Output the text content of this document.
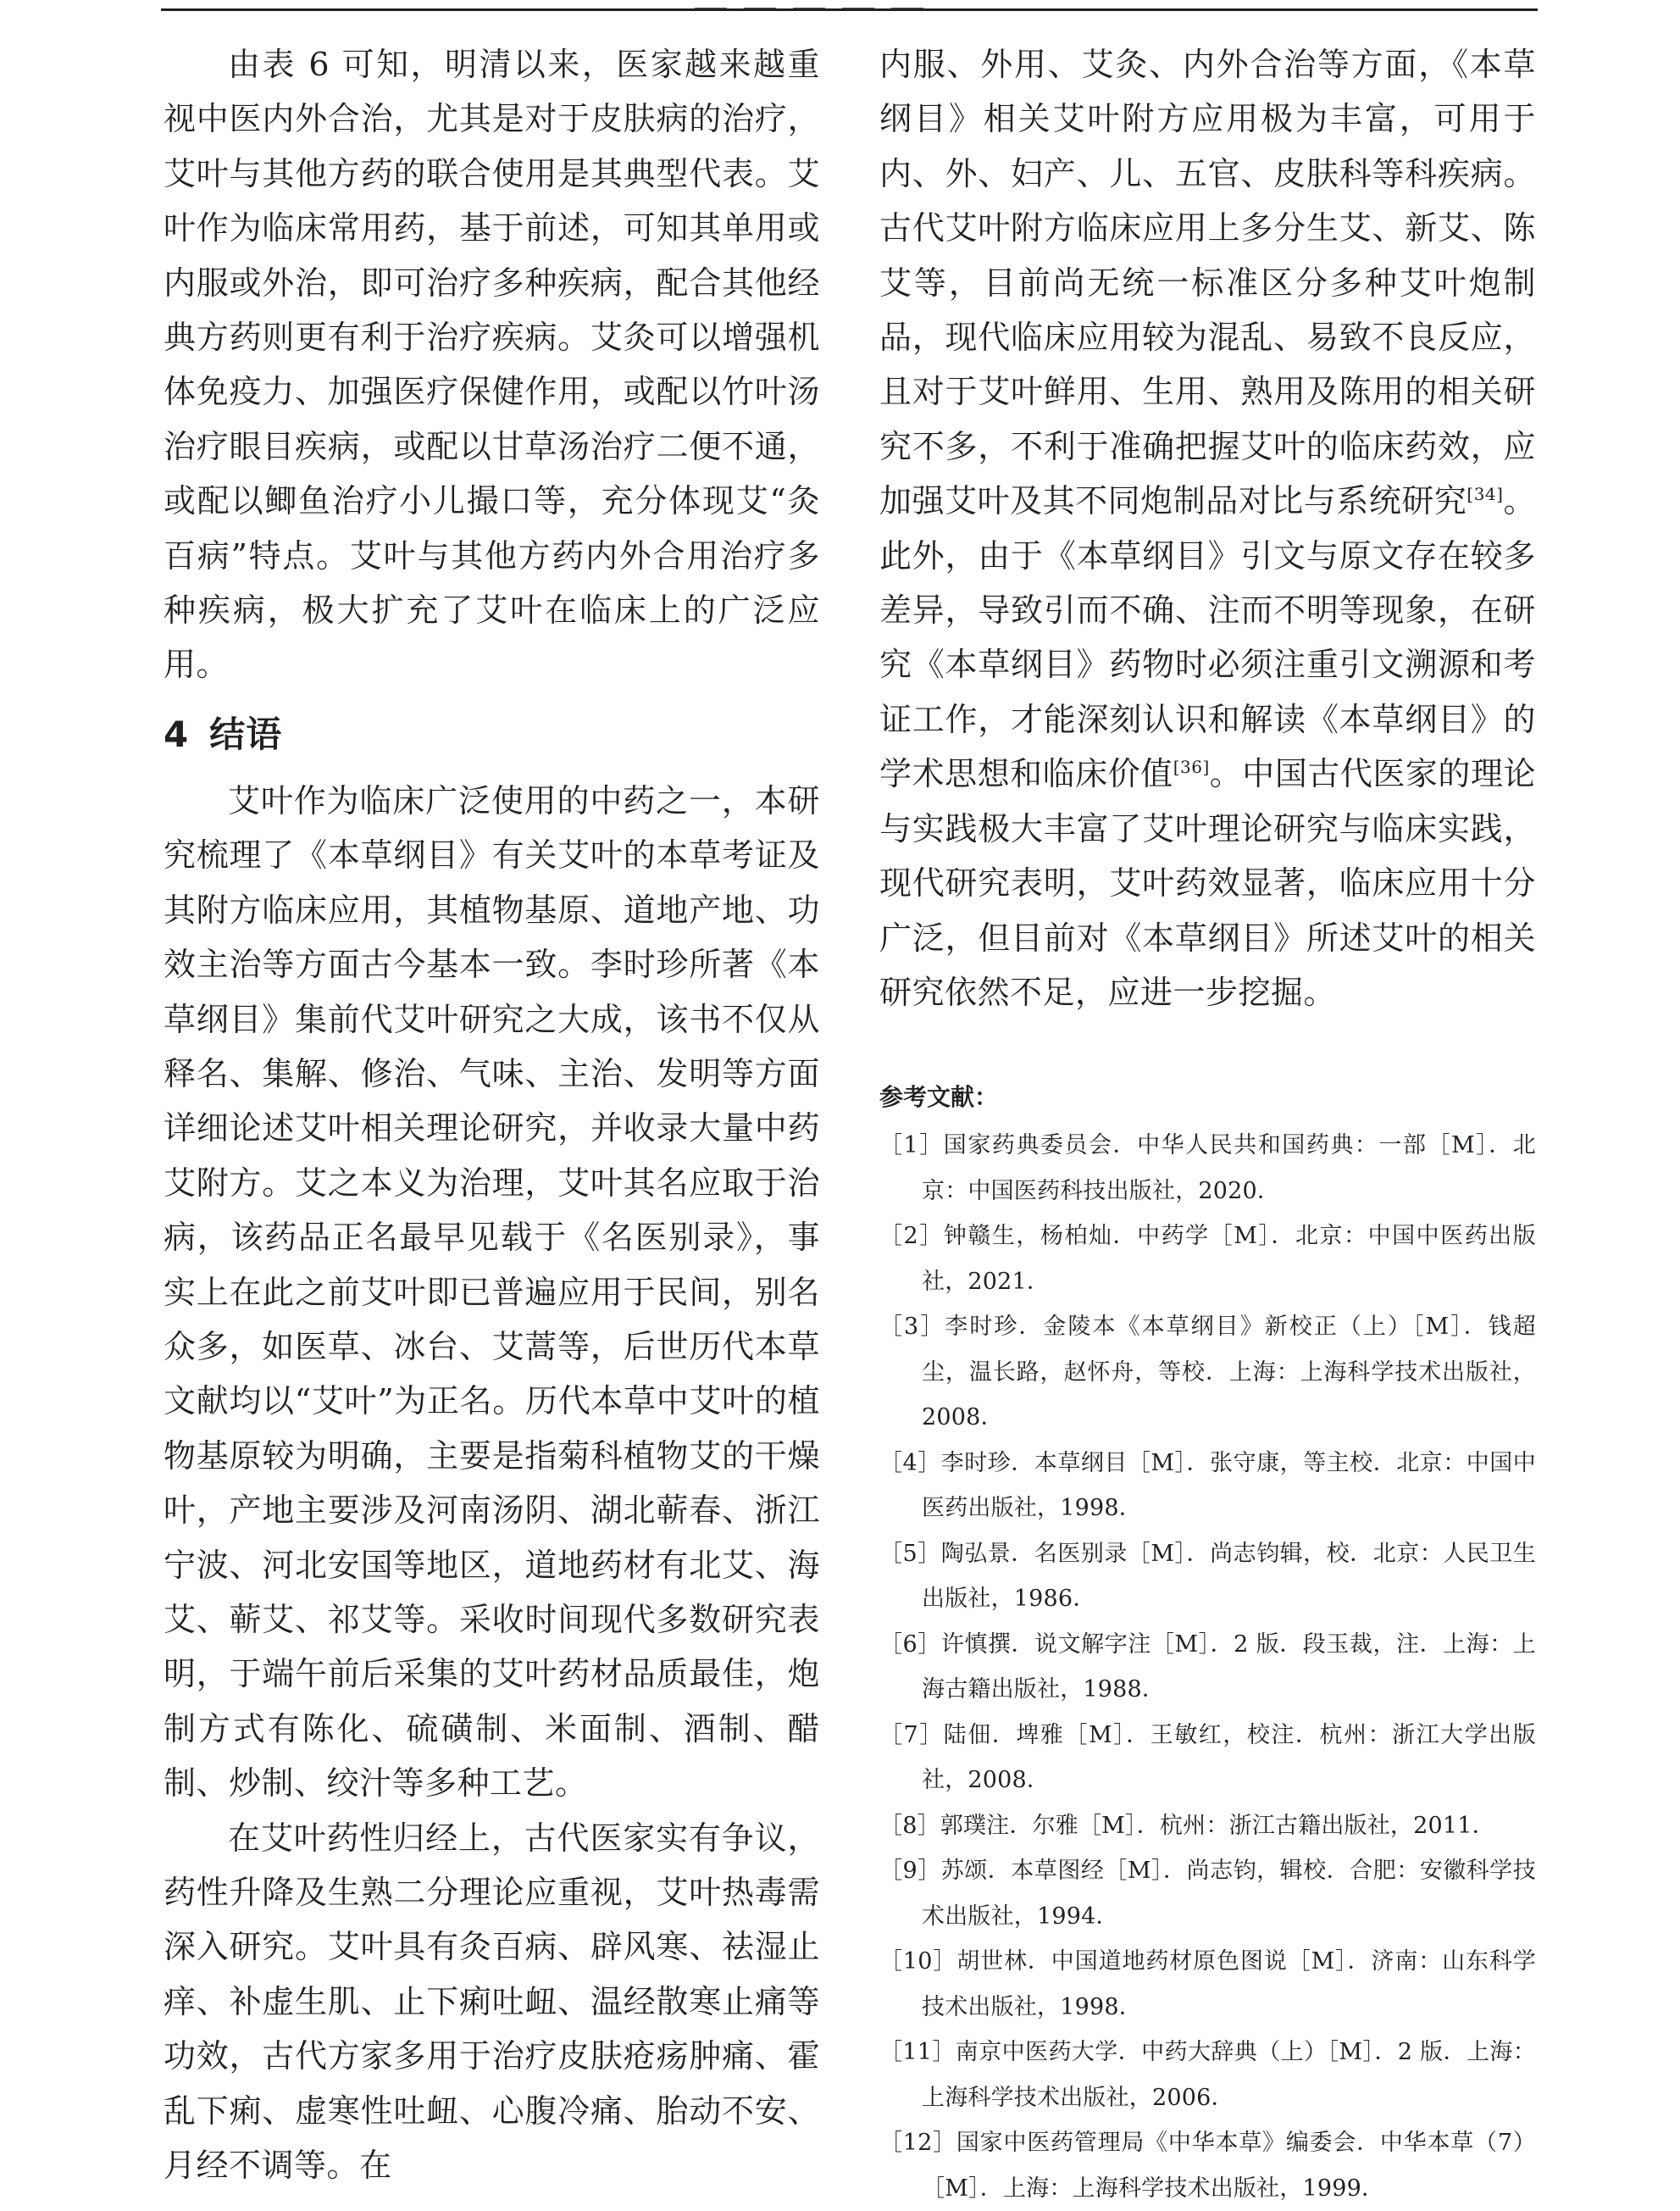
由表 6 可知，明清以来，医家越来越重视中医内外合治，尤其是对于皮肤病的治疗，艾叶与其他方药的联合使用是其典型代表。艾叶作为临床常用药，基于前述，可知其单用或内服或外治，即可治疗多种疾病，配合其他经典方药则更有利于治疗疾病。艾灸可以增强机体免疫力、加强医疗保健作用，或配以竹叶汤治疗眼目疾病，或配以甘草汤治疗二便不通，或配以鲫鱼治疗小儿撮口等，充分体现艾“灸百病”特点。艾叶与其他方药内外合用治疗多种疾病，极大扩充了艾叶在临床上的广泛应用。

4 结语

艾叶作为临床广泛使用的中药之一，本研究梳理了《本草纲目》有关艾叶的本草考证及其附方临床应用，其植物基原、道地产地、功效主治等方面古今基本一致。李时珍所著《本草纲目》集前代艾叶研究之大成，该书不仅从释名、集解、修治、气味、主治、发明等方面详细论述艾叶相关理论研究，并收录大量中药艾附方。艾之本义为治理，艾叶其名应取于治病，该药品正名最早见载于《名医别录》，事实上在此之前艾叶即已普遍应用于民间，别名众多，如医草、冰台、艾蒿等，后世历代本草文献均以“艾叶”为正名。历代本草中艾叶的植物基原较为明确，主要是指菊科植物艾的干燥叶，产地主要涉及河南汤阴、湖北蕲春、浙江宁波、河北安国等地区，道地药材有北艾、海艾、蕲艾、祁艾等。采收时间现代多数研究表明，于端午前后采集的艾叶药材品质最佳，炮制方式有陈化、硫磺制、米面制、酒制、醋制、炒制、绞汁等多种工艺。

在艾叶药性归经上，古代医家实有争议，药性升降及生熟二分理论应重视，艾叶热毒需深入研究。艾叶具有灸百病、辟风寒、祛湿止痒、补虚生肌、止下痢吐衄、温经散寒止痛等功效，古代方家多用于治疗皮肤疮疡肿痛、霍乱下痢、虚寒性吐衄、心腹冷痛、胎动不安、月经不调等。在

内服、外用、艾灸、内外合治等方面，《本草纲目》相关艾叶附方应用极为丰富，可用于内、外、妇产、儿、五官、皮肤科等科疾病。古代艾叶附方临床应用上多分生艾、新艾、陈艾等，目前尚无统一标准区分多种艾叶炮制品，现代临床应用较为混乱、易致不良反应，且对于艾叶鲜用、生用、熟用及陈用的相关研究不多，不利于准确把握艾叶的临床药效，应加强艾叶及其不同炮制品对比与系统研究[34]。此外，由于《本草纲目》引文与原文存在较多差异，导致引而不确、注而不明等现象，在研究《本草纲目》药物时必须注重引文溯源和考证工作，才能深刻认识和解读《本草纲目》的学术思想和临床价值[36]。中国古代医家的理论与实践极大丰富了艾叶理论研究与临床实践，现代研究表明，艾叶药效显著，临床应用十分广泛，但目前对《本草纲目》所述艾叶的相关研究依然不足，应进一步挖掘。

参考文献：
［1］国家药典委员会．中华人民共和国药典：一部［M］．北京：中国医药科技出版社，2020．
［2］钟赣生，杨柏灿．中药学［M］．北京：中国中医药出版社，2021．
［3］李时珍．金陵本《本草纲目》新校正（上）［M］．钱超尘，温长路，赵怀舟，等校．上海：上海科学技术出版社，2008．
［4］李时珍．本草纲目［M］．张守康，等主校．北京：中国中医药出版社，1998．
［5］陶弘景．名医别录［M］．尚志钧辑，校．北京：人民卫生出版社，1986．
［6］许慎撰．说文解字注［M］．2 版．段玉裁，注．上海：上海古籍出版社，1988．
［7］陆佃．埤雅［M］．王敏红，校注．杭州：浙江大学出版社，2008．
［8］郭璞注．尔雅［M］．杭州：浙江古籍出版社，2011．
［9］苏颂．本草图经［M］．尚志钧，辑校．合肥：安徽科学技术出版社，1994．
［10］胡世林．中国道地药材原色图说［M］．济南：山东科学技术出版社，1998．
［11］南京中医药大学．中药大辞典（上）［M］．2 版．上海：上海科学技术出版社，2006．
［12］国家中医药管理局《中华本草》编委会．中华本草（7）［M］．上海：上海科学技术出版社，1999．
